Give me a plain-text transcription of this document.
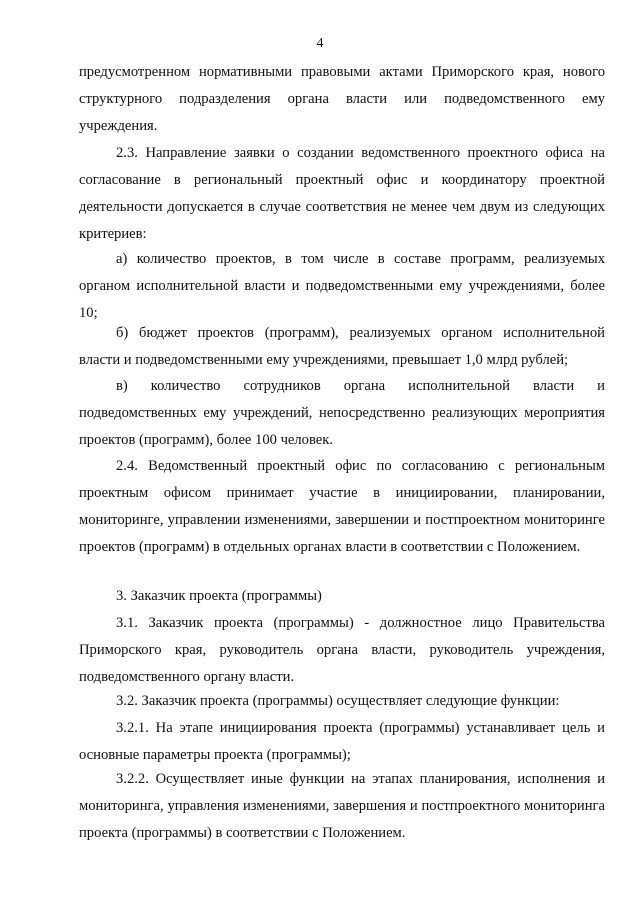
4

предусмотренном нормативными правовыми актами Приморского края, нового структурного подразделения органа власти или подведомственного ему учреждения.

2.3. Направление заявки о создании ведомственного проектного офиса на согласование в региональный проектный офис и координатору проектной деятельности допускается в случае соответствия не менее чем двум из следующих критериев:

а) количество проектов, в том числе в составе программ, реализуемых органом исполнительной власти и подведомственными ему учреждениями, более 10;

б) бюджет проектов (программ), реализуемых органом исполнительной власти и подведомственными ему учреждениями, превышает 1,0 млрд рублей;

в) количество сотрудников органа исполнительной власти и подведомственных ему учреждений, непосредственно реализующих мероприятия проектов (программ), более 100 человек.

2.4. Ведомственный проектный офис по согласованию с региональным проектным офисом принимает участие в инициировании, планировании, мониторинге, управлении изменениями, завершении и постпроектном мониторинге проектов (программ) в отдельных органах власти в соответствии с Положением.

3. Заказчик проекта (программы)

3.1. Заказчик проекта (программы) - должностное лицо Правительства Приморского края, руководитель органа власти, руководитель учреждения, подведомственного органу власти.

3.2. Заказчик проекта (программы) осуществляет следующие функции:

3.2.1. На этапе инициирования проекта (программы) устанавливает цель и основные параметры проекта (программы);

3.2.2. Осуществляет иные функции на этапах планирования, исполнения и мониторинга, управления изменениями, завершения и постпроектного мониторинга проекта (программы) в соответствии с Положением.
